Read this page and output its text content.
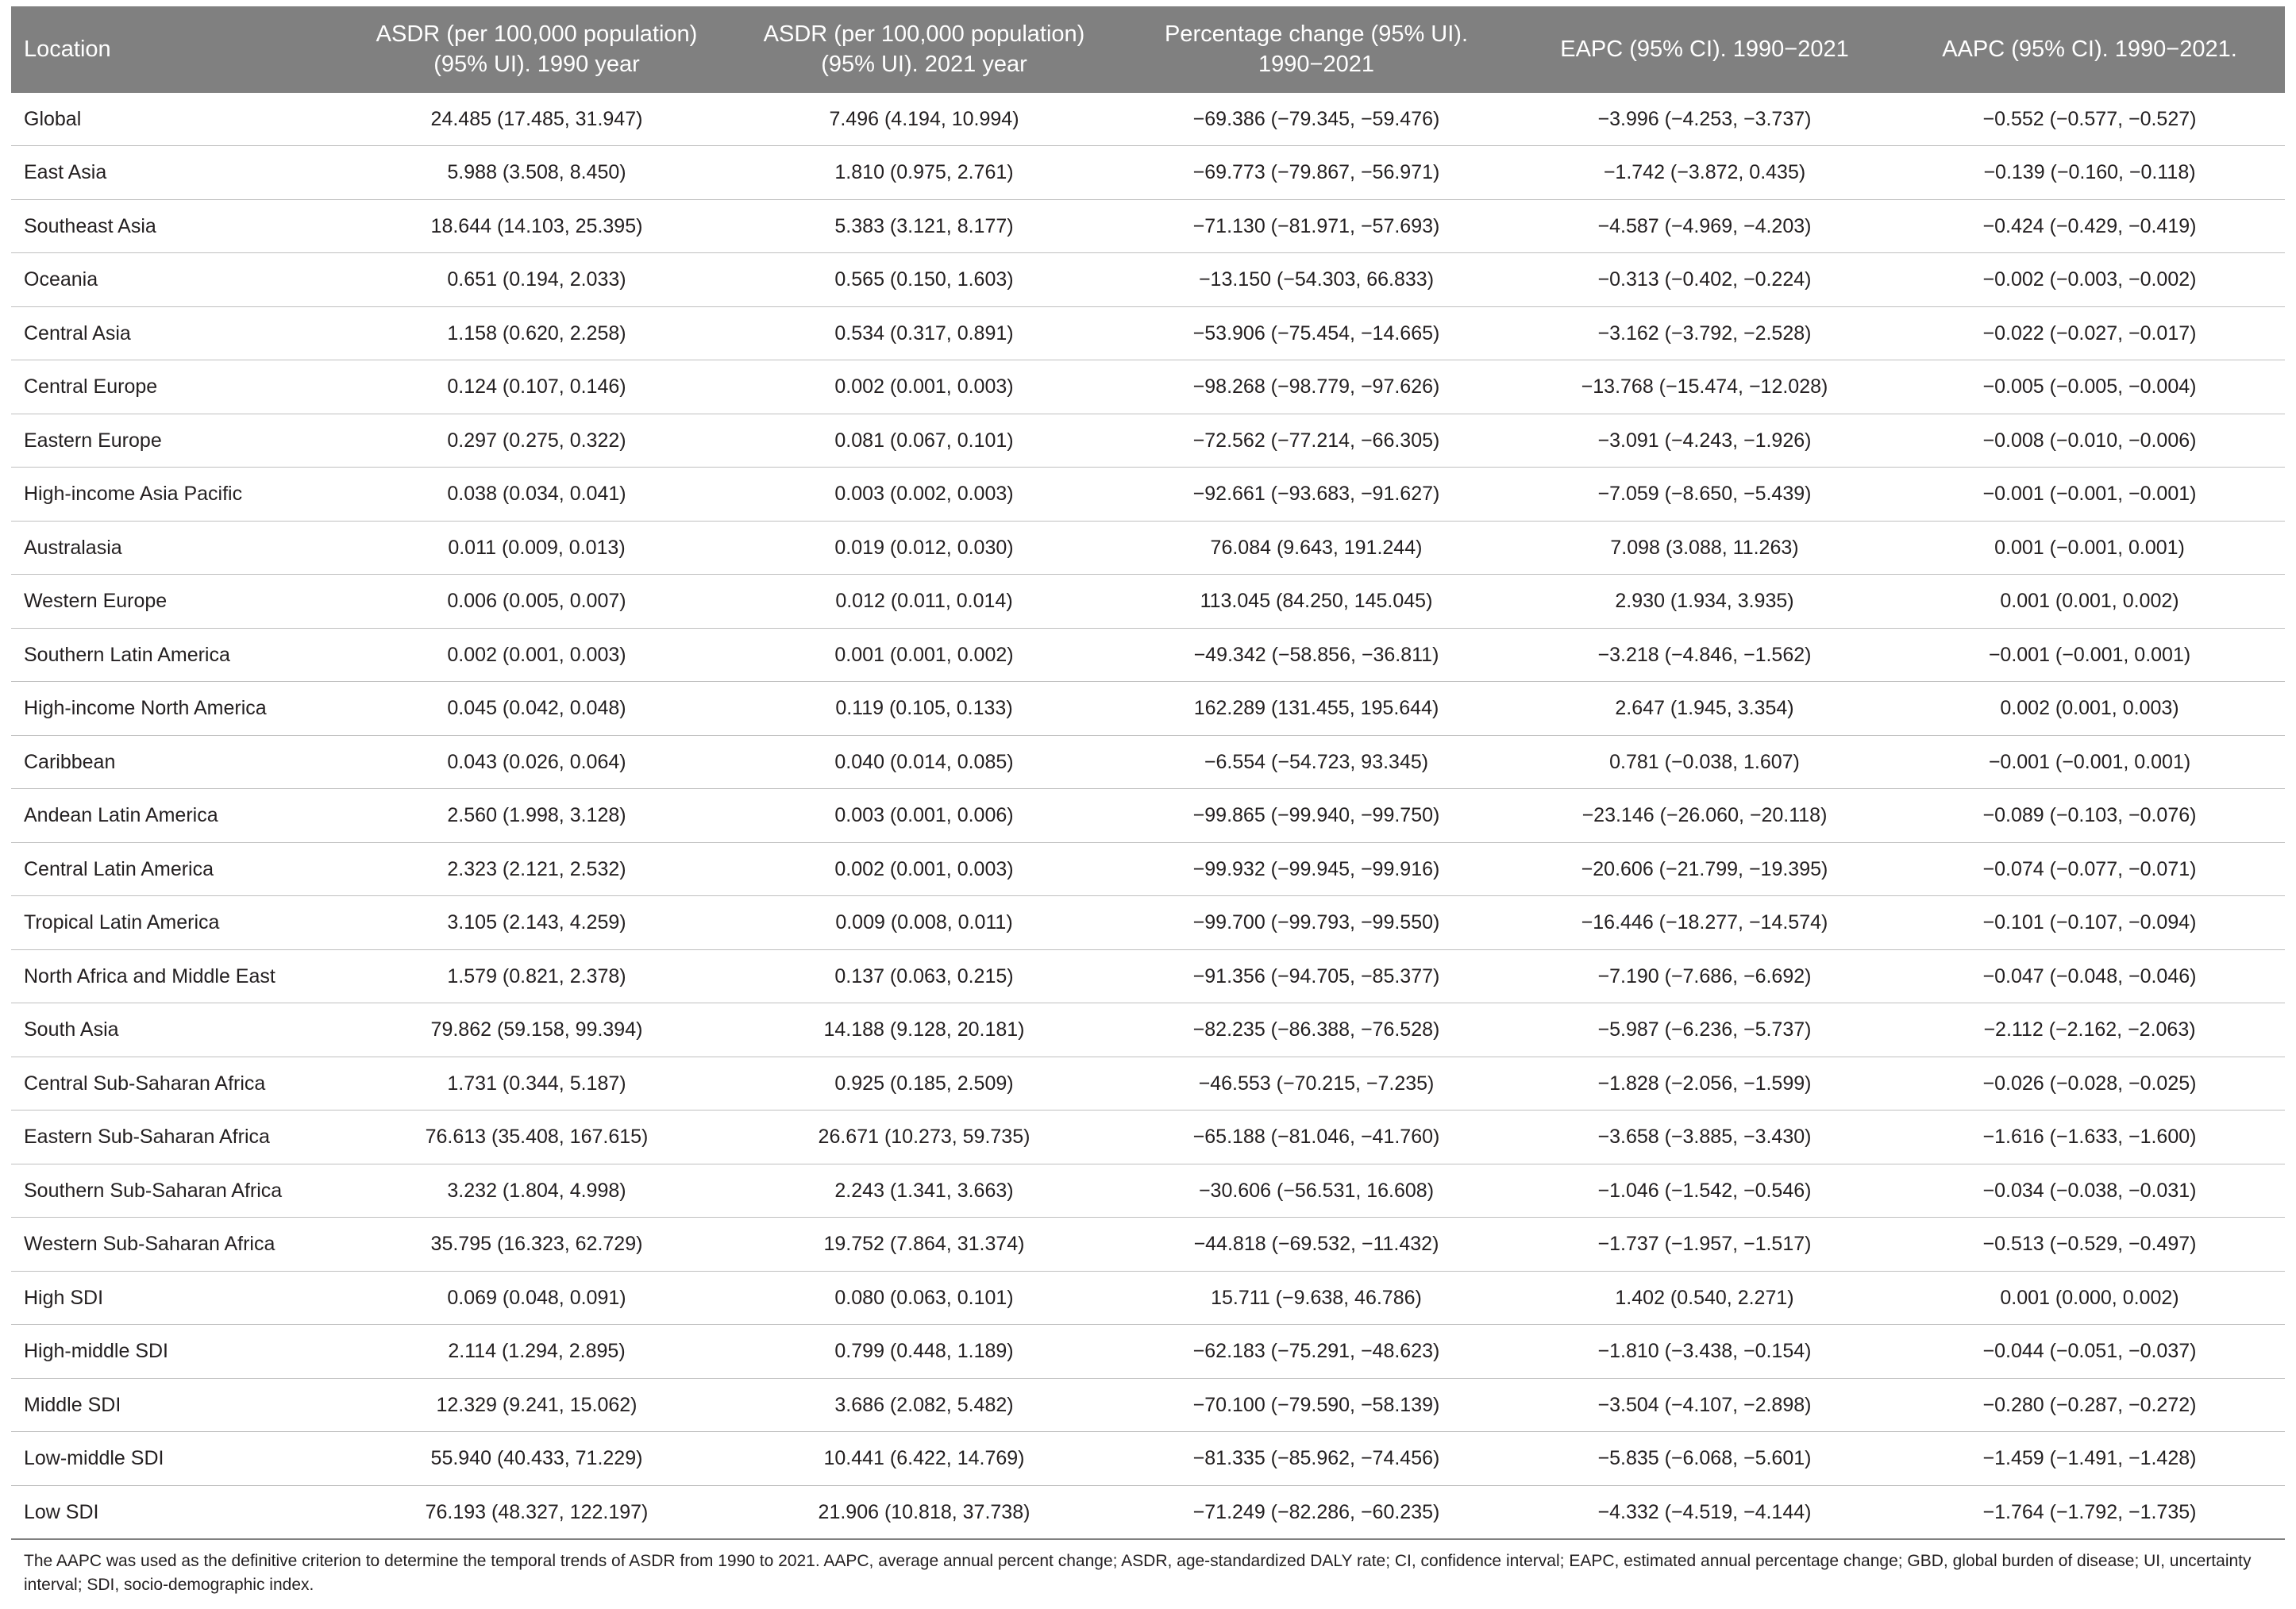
Location	ASDR (per 100,000 population) (95% UI). 1990 year	ASDR (per 100,000 population) (95% UI). 2021 year	Percentage change (95% UI). 1990−2021	EAPC (95% CI). 1990−2021	AAPC (95% CI). 1990−2021.
Global	24.485 (17.485, 31.947)	7.496 (4.194, 10.994)	−69.386 (−79.345, −59.476)	−3.996 (−4.253, −3.737)	−0.552 (−0.577, −0.527)
East Asia	5.988 (3.508, 8.450)	1.810 (0.975, 2.761)	−69.773 (−79.867, −56.971)	−1.742 (−3.872, 0.435)	−0.139 (−0.160, −0.118)
Southeast Asia	18.644 (14.103, 25.395)	5.383 (3.121, 8.177)	−71.130 (−81.971, −57.693)	−4.587 (−4.969, −4.203)	−0.424 (−0.429, −0.419)
Oceania	0.651 (0.194, 2.033)	0.565 (0.150, 1.603)	−13.150 (−54.303, 66.833)	−0.313 (−0.402, −0.224)	−0.002 (−0.003, −0.002)
Central Asia	1.158 (0.620, 2.258)	0.534 (0.317, 0.891)	−53.906 (−75.454, −14.665)	−3.162 (−3.792, −2.528)	−0.022 (−0.027, −0.017)
Central Europe	0.124 (0.107, 0.146)	0.002 (0.001, 0.003)	−98.268 (−98.779, −97.626)	−13.768 (−15.474, −12.028)	−0.005 (−0.005, −0.004)
Eastern Europe	0.297 (0.275, 0.322)	0.081 (0.067, 0.101)	−72.562 (−77.214, −66.305)	−3.091 (−4.243, −1.926)	−0.008 (−0.010, −0.006)
High-income Asia Pacific	0.038 (0.034, 0.041)	0.003 (0.002, 0.003)	−92.661 (−93.683, −91.627)	−7.059 (−8.650, −5.439)	−0.001 (−0.001, −0.001)
Australasia	0.011 (0.009, 0.013)	0.019 (0.012, 0.030)	76.084 (9.643, 191.244)	7.098 (3.088, 11.263)	0.001 (−0.001, 0.001)
Western Europe	0.006 (0.005, 0.007)	0.012 (0.011, 0.014)	113.045 (84.250, 145.045)	2.930 (1.934, 3.935)	0.001 (0.001, 0.002)
Southern Latin America	0.002 (0.001, 0.003)	0.001 (0.001, 0.002)	−49.342 (−58.856, −36.811)	−3.218 (−4.846, −1.562)	−0.001 (−0.001, 0.001)
High-income North America	0.045 (0.042, 0.048)	0.119 (0.105, 0.133)	162.289 (131.455, 195.644)	2.647 (1.945, 3.354)	0.002 (0.001, 0.003)
Caribbean	0.043 (0.026, 0.064)	0.040 (0.014, 0.085)	−6.554 (−54.723, 93.345)	0.781 (−0.038, 1.607)	−0.001 (−0.001, 0.001)
Andean Latin America	2.560 (1.998, 3.128)	0.003 (0.001, 0.006)	−99.865 (−99.940, −99.750)	−23.146 (−26.060, −20.118)	−0.089 (−0.103, −0.076)
Central Latin America	2.323 (2.121, 2.532)	0.002 (0.001, 0.003)	−99.932 (−99.945, −99.916)	−20.606 (−21.799, −19.395)	−0.074 (−0.077, −0.071)
Tropical Latin America	3.105 (2.143, 4.259)	0.009 (0.008, 0.011)	−99.700 (−99.793, −99.550)	−16.446 (−18.277, −14.574)	−0.101 (−0.107, −0.094)
North Africa and Middle East	1.579 (0.821, 2.378)	0.137 (0.063, 0.215)	−91.356 (−94.705, −85.377)	−7.190 (−7.686, −6.692)	−0.047 (−0.048, −0.046)
South Asia	79.862 (59.158, 99.394)	14.188 (9.128, 20.181)	−82.235 (−86.388, −76.528)	−5.987 (−6.236, −5.737)	−2.112 (−2.162, −2.063)
Central Sub-Saharan Africa	1.731 (0.344, 5.187)	0.925 (0.185, 2.509)	−46.553 (−70.215, −7.235)	−1.828 (−2.056, −1.599)	−0.026 (−0.028, −0.025)
Eastern Sub-Saharan Africa	76.613 (35.408, 167.615)	26.671 (10.273, 59.735)	−65.188 (−81.046, −41.760)	−3.658 (−3.885, −3.430)	−1.616 (−1.633, −1.600)
Southern Sub-Saharan Africa	3.232 (1.804, 4.998)	2.243 (1.341, 3.663)	−30.606 (−56.531, 16.608)	−1.046 (−1.542, −0.546)	−0.034 (−0.038, −0.031)
Western Sub-Saharan Africa	35.795 (16.323, 62.729)	19.752 (7.864, 31.374)	−44.818 (−69.532, −11.432)	−1.737 (−1.957, −1.517)	−0.513 (−0.529, −0.497)
High SDI	0.069 (0.048, 0.091)	0.080 (0.063, 0.101)	15.711 (−9.638, 46.786)	1.402 (0.540, 2.271)	0.001 (0.000, 0.002)
High-middle SDI	2.114 (1.294, 2.895)	0.799 (0.448, 1.189)	−62.183 (−75.291, −48.623)	−1.810 (−3.438, −0.154)	−0.044 (−0.051, −0.037)
Middle SDI	12.329 (9.241, 15.062)	3.686 (2.082, 5.482)	−70.100 (−79.590, −58.139)	−3.504 (−4.107, −2.898)	−0.280 (−0.287, −0.272)
Low-middle SDI	55.940 (40.433, 71.229)	10.441 (6.422, 14.769)	−81.335 (−85.962, −74.456)	−5.835 (−6.068, −5.601)	−1.459 (−1.491, −1.428)
Low SDI	76.193 (48.327, 122.197)	21.906 (10.818, 37.738)	−71.249 (−82.286, −60.235)	−4.332 (−4.519, −4.144)	−1.764 (−1.792, −1.735)
The AAPC was used as the definitive criterion to determine the temporal trends of ASDR from 1990 to 2021. AAPC, average annual percent change; ASDR, age-standardized DALY rate; CI, confidence interval; EAPC, estimated annual percentage change; GBD, global burden of disease; UI, uncertainty interval; SDI, socio-demographic index.
